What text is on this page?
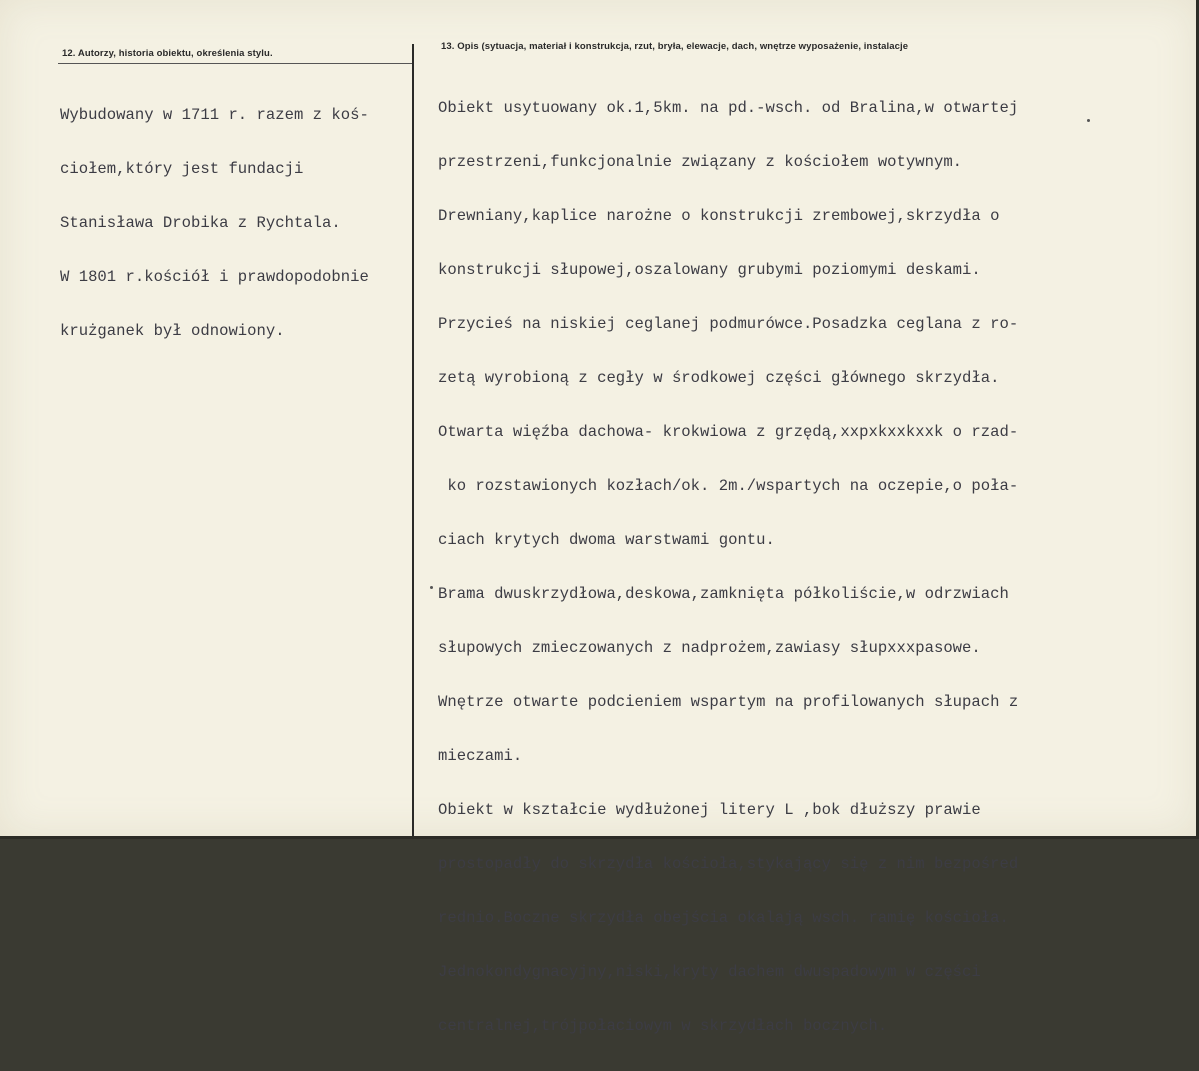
12. Autorzy, historia obiektu, określenia stylu.
13. Opis (sytuacja, materiał i konstrukcja, rzut, bryła, elewacje, dach, wnętrze wyposażenie, instalacje

Wybudowany w 1711 r. razem z koś-

ciołem,który jest fundacji

Stanisława Drobika z Rychtala.

W 1801 r.kościół i prawdopodobnie

krużganek był odnowiony.

Obiekt usytuowany ok.1,5km. na pd.-wsch. od Bralina,w otwartej

przestrzeni,funkcjonalnie związany z kościołem wotywnym.

Drewniany,kaplice narożne o konstrukcji zrembowej,skrzydła o

konstrukcji słupowej,oszalowany grubymi poziomymi deskami.

Przycieś na niskiej ceglanej podmurówce.Posadzka ceglana z ro-

zetą wyrobioną z cegły w środkowej części głównego skrzydła.

Otwarta więźba dachowa- krokwiowa z grzędą,xxpxkxxkxxk o rzad-

ko rozstawionych kozłach/ok. 2m./wspartych na oczepie,o poła-

ciach krytych dwoma warstwami gontu.

Brama dwuskrzydłowa,deskowa,zamknięta półkoliście,w odrzwiach

słupowych zmieczowanych z nadprożem,zawiasy słupxxxpasowe.

Wnętrze otwarte podcieniem wspartym na profilowanych słupach z

mieczami.

Obiekt w kształcie wydłużonej litery L ,bok dłuższy prawie

prostopadły do skrzydła kościoła,stykający się z nim bezpośred

rednio.Boczne skrzydła obejścia okalają wsch. ramię kościoła.

Jednokondygnacyjny,niski,kryty dachem dwuspadowym w części

centralnej,trójpołaciowym w skrzydłach bocznych.
